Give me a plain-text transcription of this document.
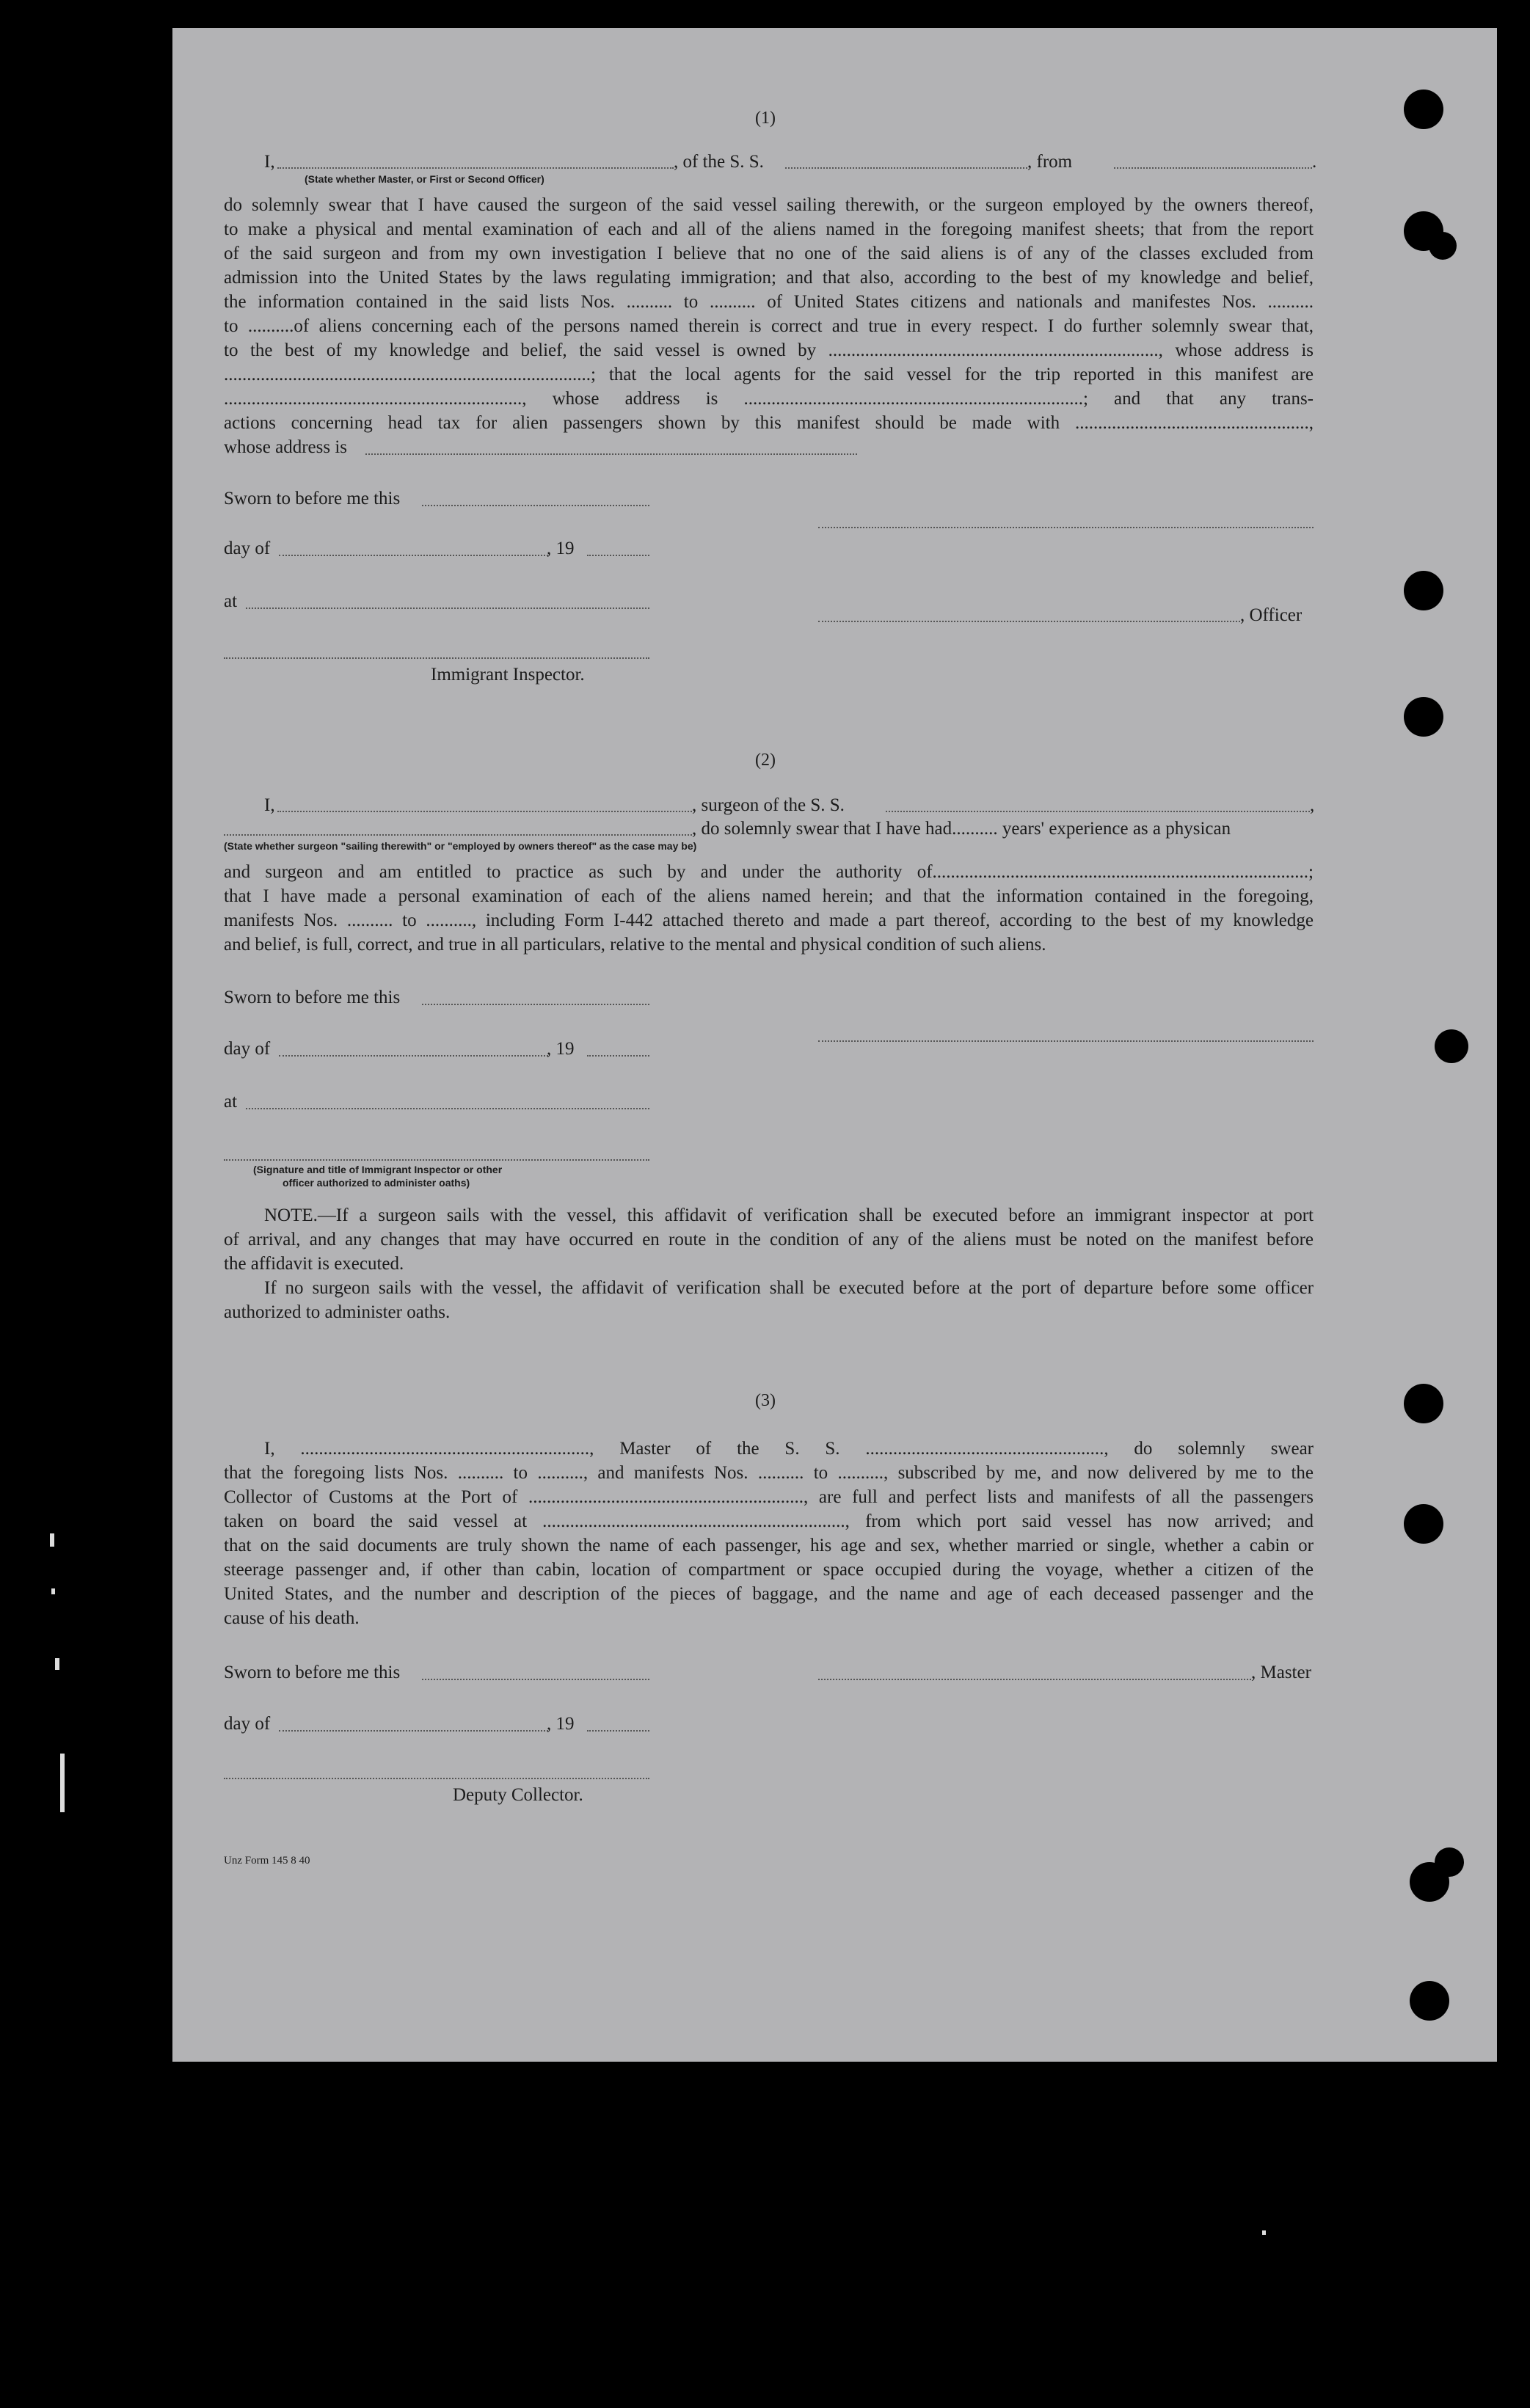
(1)
I,	, of the S. S.	, from	.
(State whether Master, or First or Second Officer)
do solemnly swear that I have caused the surgeon of the said vessel sailing therewith, or the surgeon employed by the owners thereof,
to make a physical and mental examination of each and all of the aliens named in the foregoing manifest sheets; that from the report
of the said surgeon and from my own investigation I believe that no one of the said aliens is of any of the classes excluded from
admission into the United States by the laws regulating immigration; and that also, according to the best of my knowledge and belief,
the information contained in the said lists Nos. .......... to .......... of United States citizens and nationals and manifestes Nos. ..........
to ..........of aliens concerning each of the persons named therein is correct and true in every respect. I do further solemnly swear that,
to the best of my knowledge and belief, the said vessel is owned by ........................................................................, whose address is
................................................................................; that the local agents for the said vessel for the trip reported in this manifest are
................................................................., whose address is ..........................................................................; and that any trans-
actions concerning head tax for alien passengers shown by this manifest should be made with ...................................................,
whose address is
Sworn to before me this
day of	, 19
at
, Officer
Immigrant Inspector.
(2)
I,	, surgeon of the S. S.	,
, do solemnly swear that I have had.......... years' experience as a physican
(State whether surgeon "sailing therewith" or "employed by owners thereof" as the case may be)
and surgeon and am entitled to practice as such by and under the authority of..................................................................................;
that I have made a personal examination of each of the aliens named herein; and that the information contained in the foregoing,
manifests Nos. .......... to .........., including Form I-442 attached thereto and made a part thereof, according to the best of my knowledge
and belief, is full, correct, and true in all particulars, relative to the mental and physical condition of such aliens.
Sworn to before me this
day of	, 19
at
(Signature and title of Immigrant Inspector or other
officer authorized to administer oaths)
NOTE.—If a surgeon sails with the vessel, this affidavit of verification shall be executed before an immigrant inspector at port
of arrival, and any changes that may have occurred en route in the condition of any of the aliens must be noted on the manifest before
the affidavit is executed.
If no surgeon sails with the vessel, the affidavit of verification shall be executed before at the port of departure before some officer
authorized to administer oaths.
(3)
I, ..............................................................., Master of the S. S. ...................................................., do solemnly swear
that the foregoing lists Nos. .......... to .........., and manifests Nos. .......... to .........., subscribed by me, and now delivered by me to the
Collector of Customs at the Port of ............................................................, are full and perfect lists and manifests of all the passengers
taken on board the said vessel at .................................................................., from which port said vessel has now arrived; and
that on the said documents are truly shown the name of each passenger, his age and sex, whether married or single, whether a cabin or
steerage passenger and, if other than cabin, location of compartment or space occupied during the voyage, whether a citizen of the
United States, and the number and description of the pieces of baggage, and the name and age of each deceased passenger and the
cause of his death.
Sworn to before me this	, Master
day of	, 19
Deputy Collector.
Unz Form 145 8 40
